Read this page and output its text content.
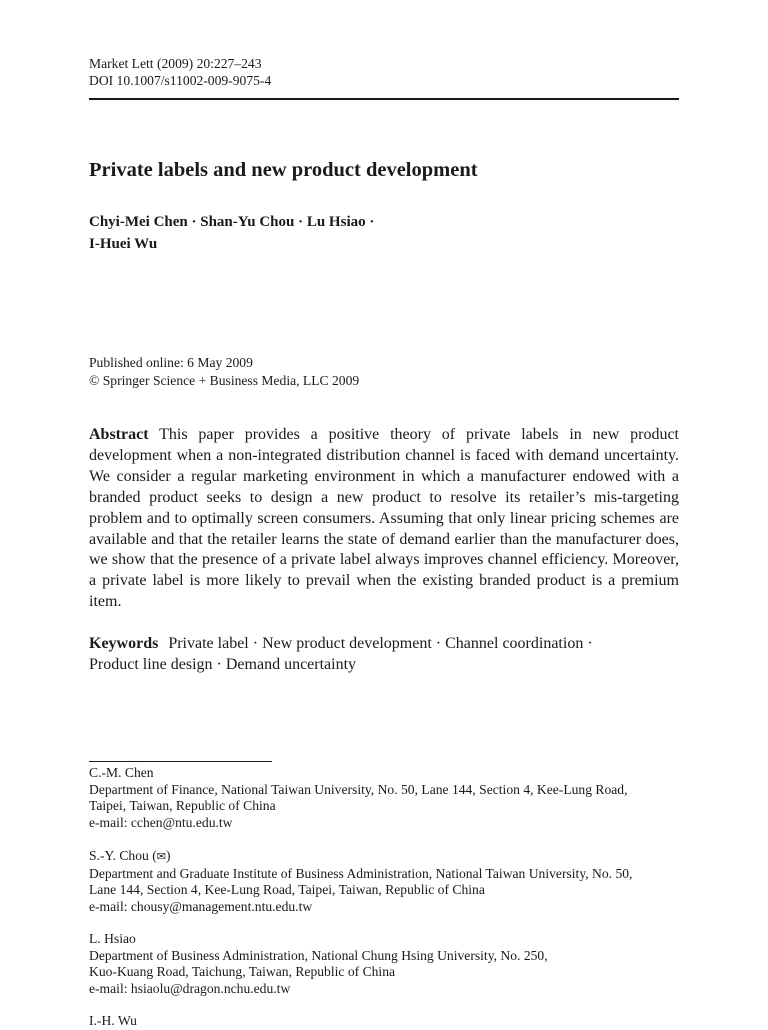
Market Lett (2009) 20:227–243
DOI 10.1007/s11002-009-9075-4
Private labels and new product development
Chyi-Mei Chen · Shan-Yu Chou · Lu Hsiao ·
I-Huei Wu
Published online: 6 May 2009
© Springer Science + Business Media, LLC 2009
Abstract This paper provides a positive theory of private labels in new product development when a non-integrated distribution channel is faced with demand uncertainty. We consider a regular marketing environment in which a manufacturer endowed with a branded product seeks to design a new product to resolve its retailer’s mis-targeting problem and to optimally screen consumers. Assuming that only linear pricing schemes are available and that the retailer learns the state of demand earlier than the manufacturer does, we show that the presence of a private label always improves channel efficiency. Moreover, a private label is more likely to prevail when the existing branded product is a premium item.
Keywords Private label · New product development · Channel coordination ·
Product line design · Demand uncertainty
C.-M. Chen
Department of Finance, National Taiwan University, No. 50, Lane 144, Section 4, Kee-Lung Road,
Taipei, Taiwan, Republic of China
e-mail: cchen@ntu.edu.tw
S.-Y. Chou (✉)
Department and Graduate Institute of Business Administration, National Taiwan University, No. 50,
Lane 144, Section 4, Kee-Lung Road, Taipei, Taiwan, Republic of China
e-mail: chousy@management.ntu.edu.tw
L. Hsiao
Department of Business Administration, National Chung Hsing University, No. 250,
Kuo-Kuang Road, Taichung, Taiwan, Republic of China
e-mail: hsiaolu@dragon.nchu.edu.tw
I.-H. Wu
